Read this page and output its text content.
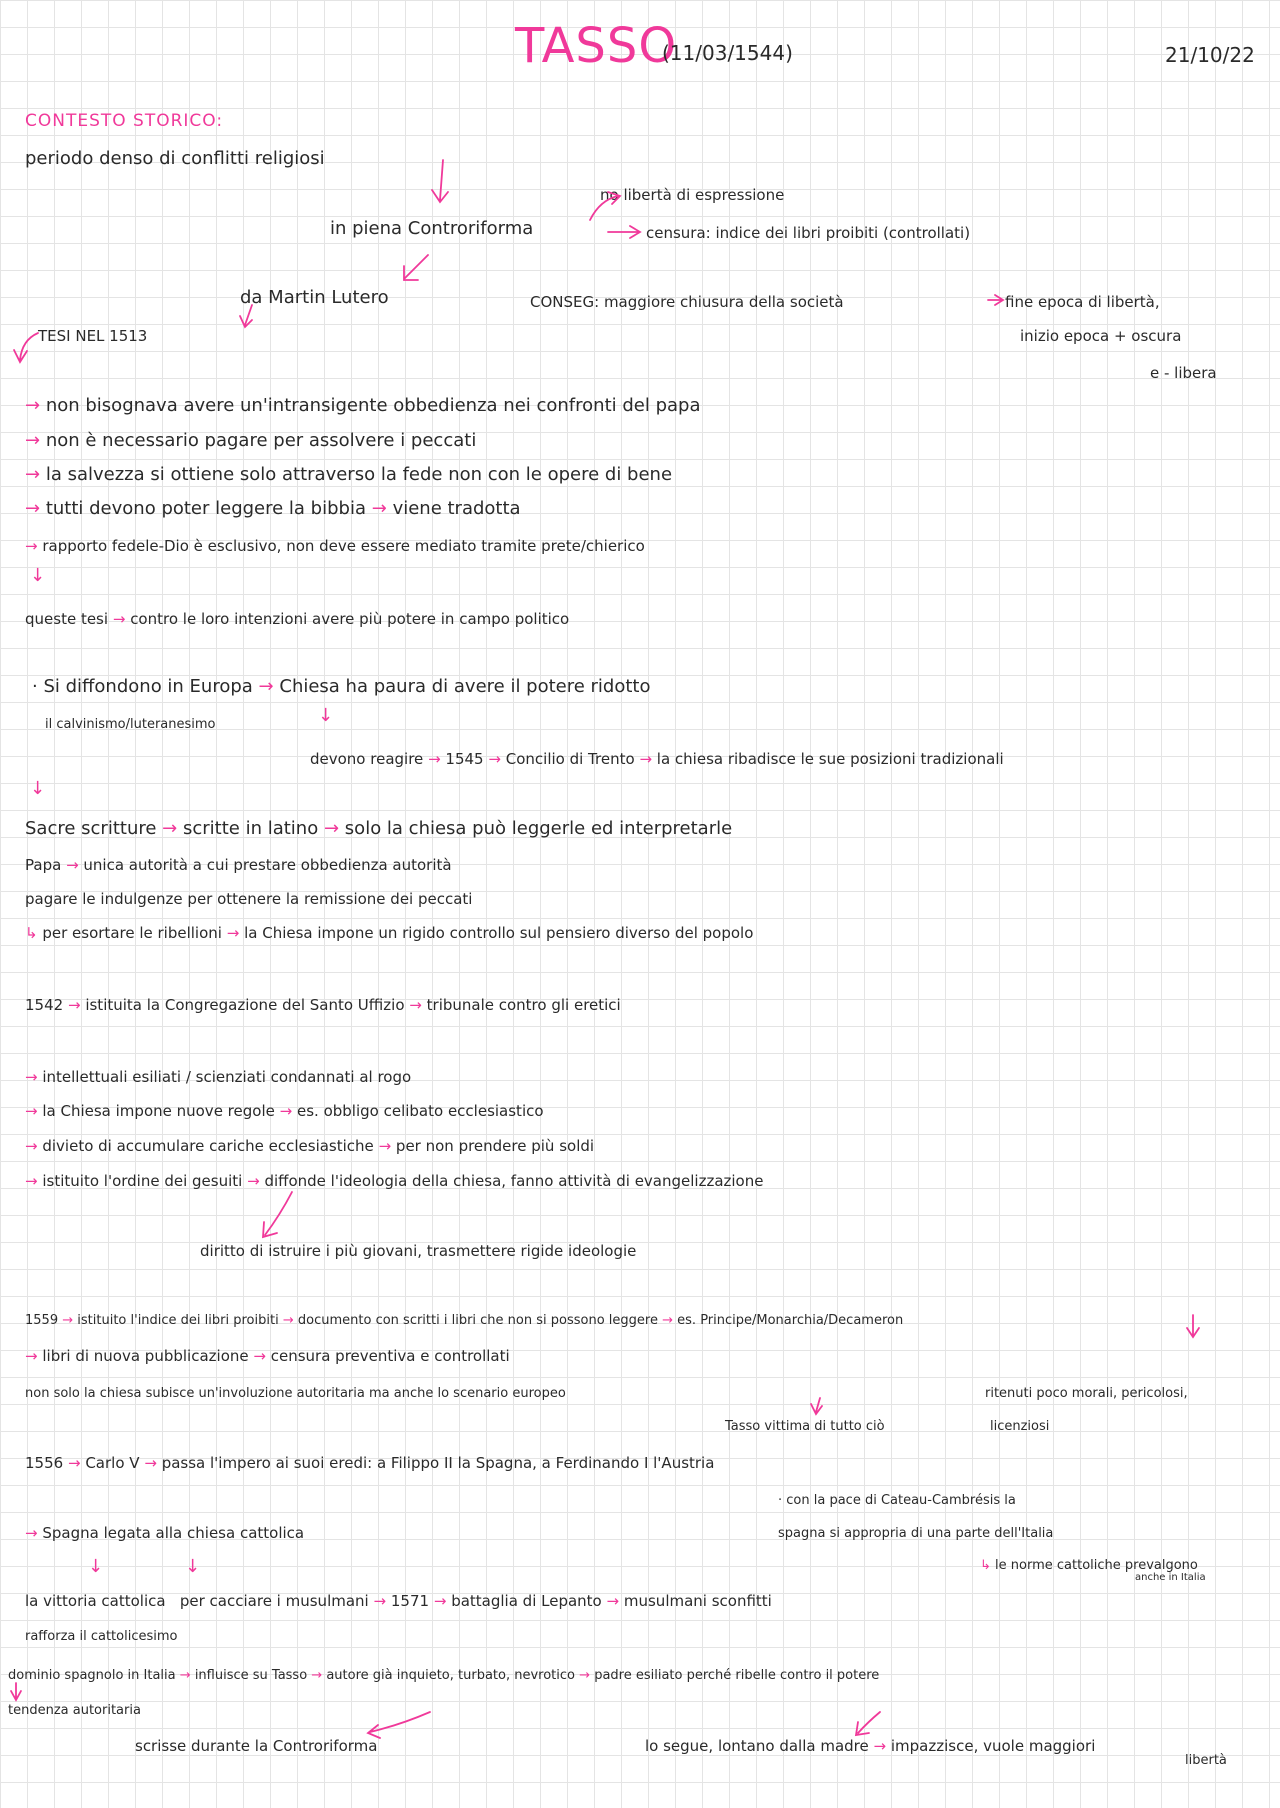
TASSO
(11/03/1544)	21/10/22
CONTESTO STORICO:
periodo denso di conflitti religiosi
no libertà di espressione
in piena Controriforma	censura: indice dei libri proibiti (controllati)
da Martin Lutero	CONSEG: maggiore chiusura della società	fine epoca di libertà,
TESI NEL 1513	inizio epoca + oscura
e - libera
→ non bisognava avere un'intransigente obbedienza nei confronti del papa
→ non è necessario pagare per assolvere i peccati
→ la salvezza si ottiene solo attraverso la fede non con le opere di bene
→ tutti devono poter leggere la bibbia → viene tradotta
→ rapporto fedele-Dio è esclusivo, non deve essere mediato tramite prete/chierico
↓
queste tesi → contro le loro intenzioni avere più potere in campo politico
· Si diffondono in Europa → Chiesa ha paura di avere il potere ridotto
il calvinismo/luteranesimo	↓
devono reagire → 1545 → Concilio di Trento → la chiesa ribadisce le sue posizioni tradizionali
↓
Sacre scritture → scritte in latino → solo la chiesa può leggerle ed interpretarle
Papa → unica autorità a cui prestare obbedienza autorità
pagare le indulgenze per ottenere la remissione dei peccati
↳ per esortare le ribellioni → la Chiesa impone un rigido controllo sul pensiero diverso del popolo
1542 → istituita la Congregazione del Santo Uffizio → tribunale contro gli eretici
→ intellettuali esiliati / scienziati condannati al rogo
→ la Chiesa impone nuove regole → es. obbligo celibato ecclesiastico
→ divieto di accumulare cariche ecclesiastiche → per non prendere più soldi
→ istituito l'ordine dei gesuiti → diffonde l'ideologia della chiesa, fanno attività di evangelizzazione
diritto di istruire i più giovani, trasmettere rigide ideologie
1559 → istituito l'indice dei libri proibiti → documento con scritti i libri che non si possono leggere → es. Principe/Monarchia/Decameron
→ libri di nuova pubblicazione → censura preventiva e controllati
non solo la chiesa subisce un'involuzione autoritaria ma anche lo scenario europeo	ritenuti poco morali, pericolosi,
Tasso vittima di tutto ciò	licenziosi
1556 → Carlo V → passa l'impero ai suoi eredi: a Filippo II la Spagna, a Ferdinando I l'Austria
· con la pace di Cateau-Cambrésis la
→ Spagna legata alla chiesa cattolica	spagna si appropria di una parte dell'Italia
↳ le norme cattoliche prevalgono
anche in Italia
↓	↓
la vittoria cattolica per cacciare i musulmani → 1571 → battaglia di Lepanto → musulmani sconfitti
rafforza il cattolicesimo
dominio spagnolo in Italia → influisce su Tasso → autore già inquieto, turbato, nevrotico → padre esiliato perché ribelle contro il potere
tendenza autoritaria
scrisse durante la Controriforma	lo segue, lontano dalla madre → impazzisce, vuole maggiori
libertà
